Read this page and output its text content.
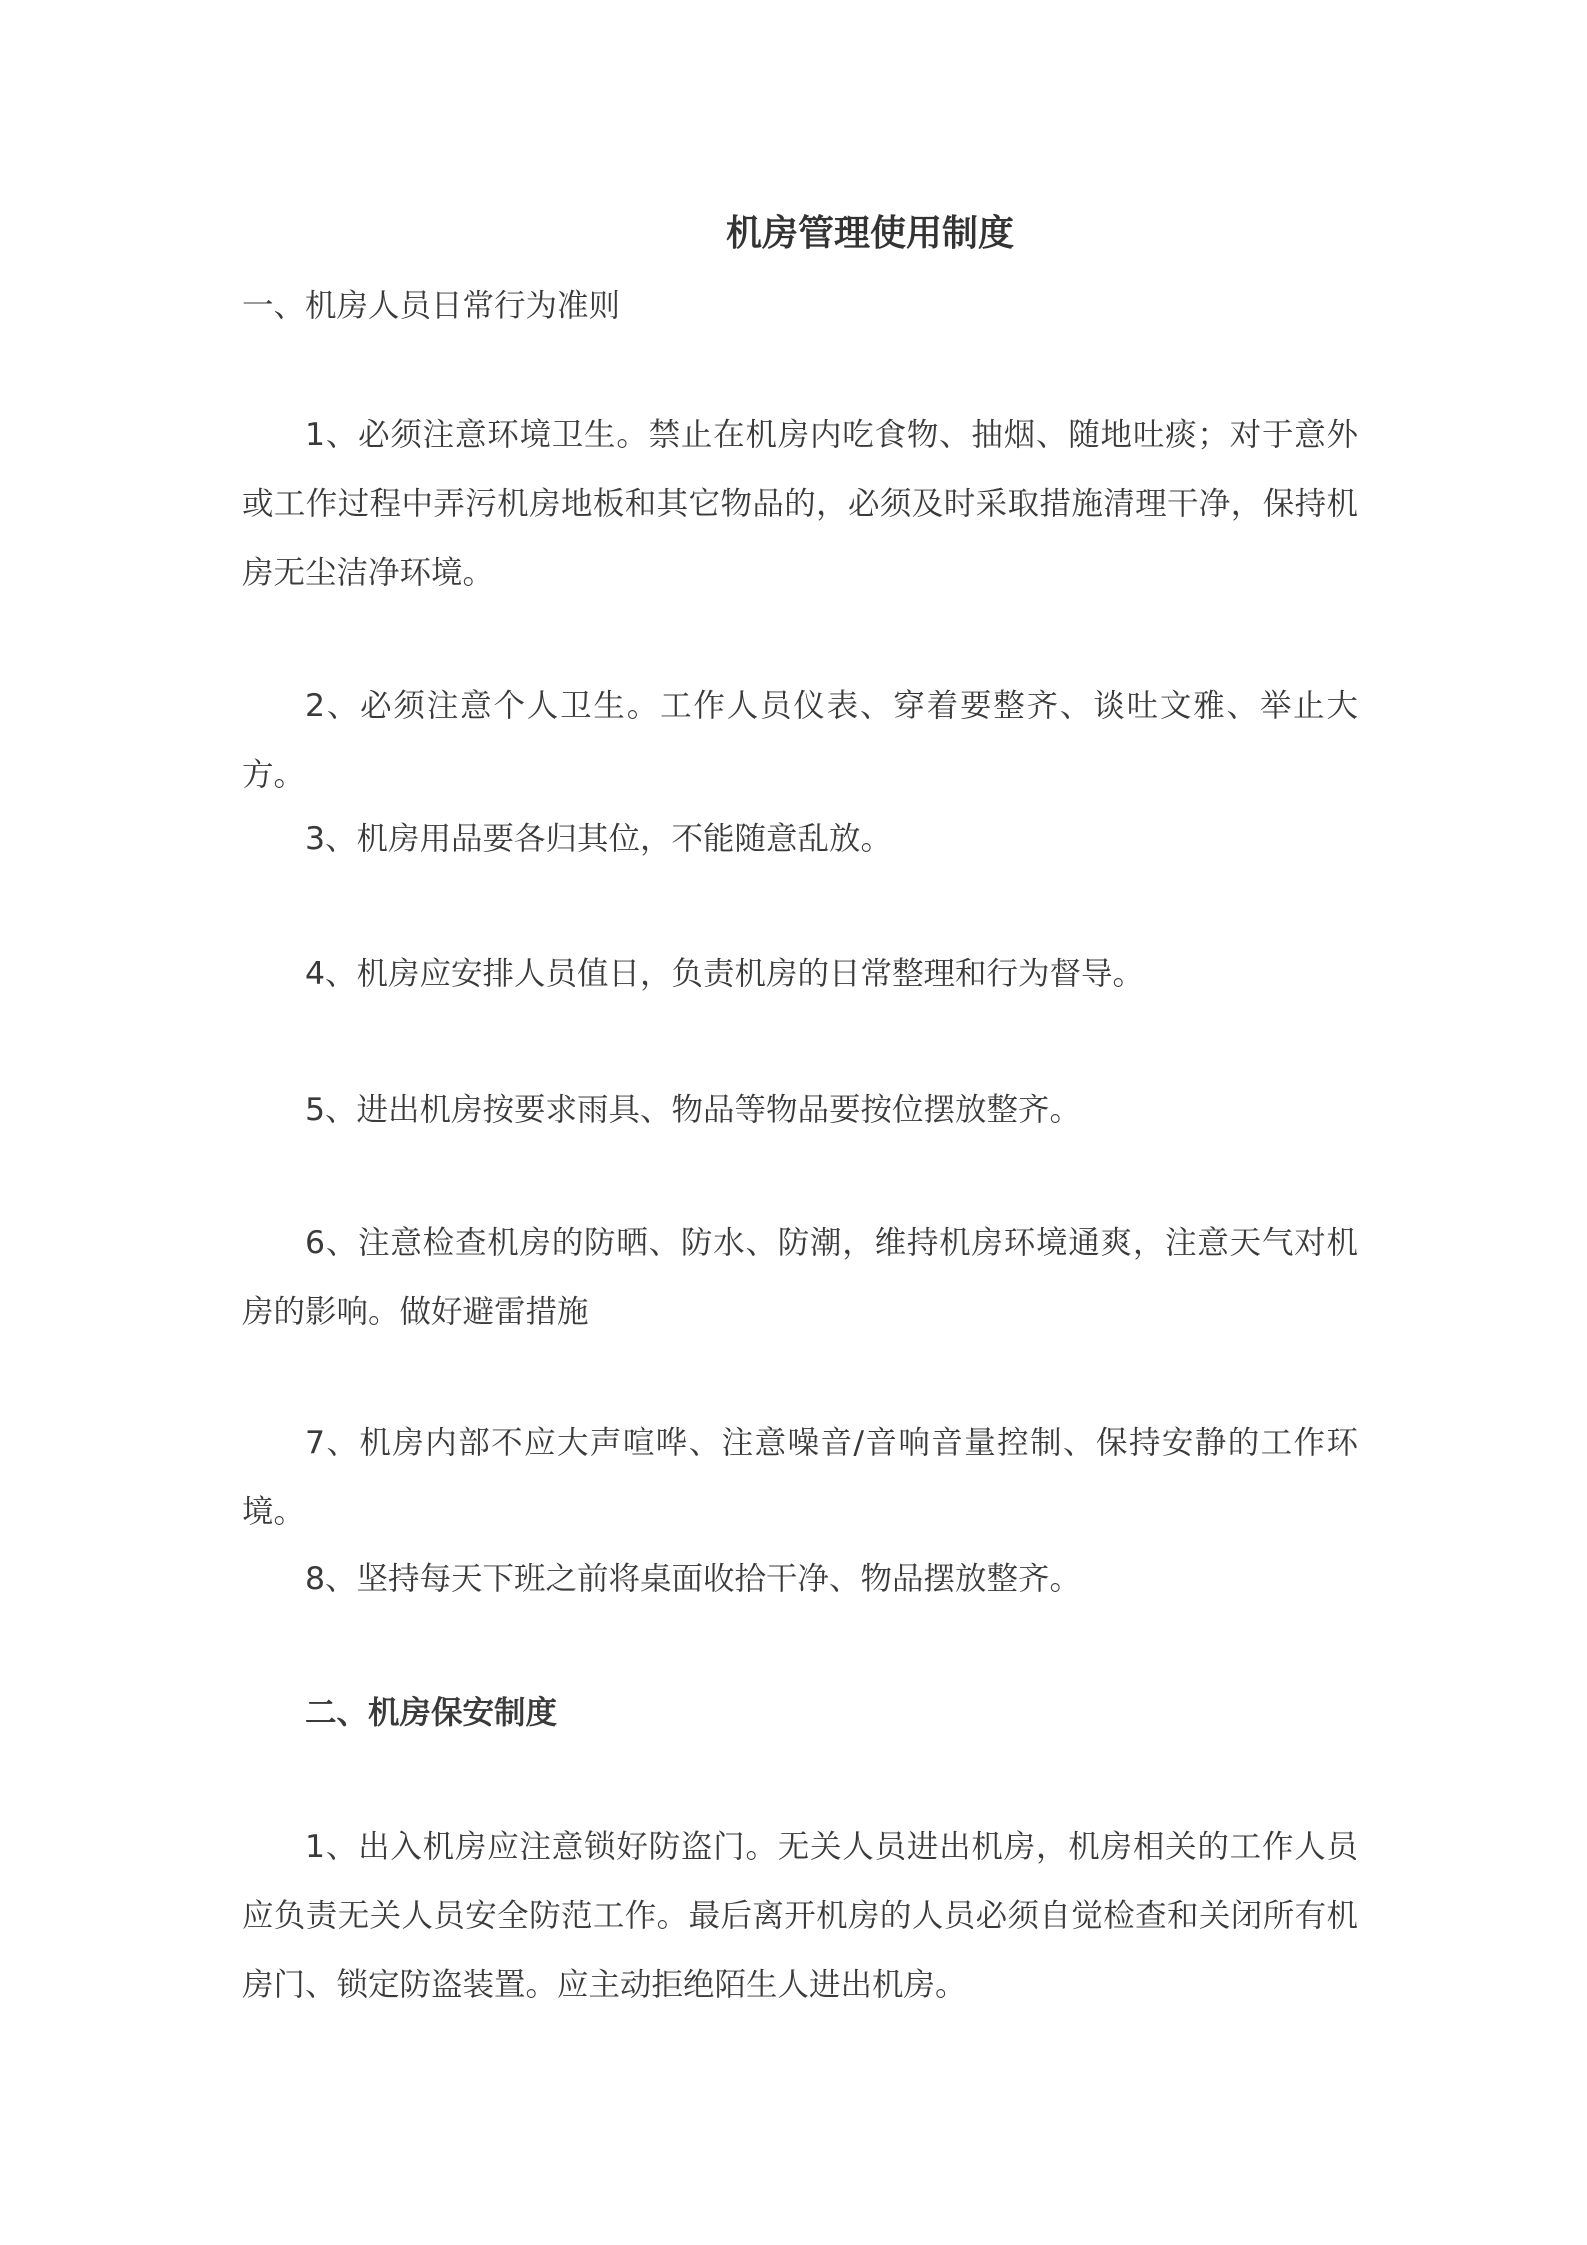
机房管理使用制度

一、机房人员日常行为准则

1、必须注意环境卫生。禁止在机房内吃食物、抽烟、随地吐痰；对于意外或工作过程中弄污机房地板和其它物品的，必须及时采取措施清理干净，保持机房无尘洁净环境。

2、必须注意个人卫生。工作人员仪表、穿着要整齐、谈吐文雅、举止大方。

3、机房用品要各归其位，不能随意乱放。

4、机房应安排人员值日，负责机房的日常整理和行为督导。

5、进出机房按要求雨具、物品等物品要按位摆放整齐。

6、注意检查机房的防晒、防水、防潮，维持机房环境通爽，注意天气对机房的影响。做好避雷措施

7、机房内部不应大声喧哗、注意噪音/音响音量控制、保持安静的工作环境。

8、坚持每天下班之前将桌面收拾干净、物品摆放整齐。

二、机房保安制度

1、出入机房应注意锁好防盗门。无关人员进出机房，机房相关的工作人员应负责无关人员安全防范工作。最后离开机房的人员必须自觉检查和关闭所有机房门、锁定防盗装置。应主动拒绝陌生人进出机房。
